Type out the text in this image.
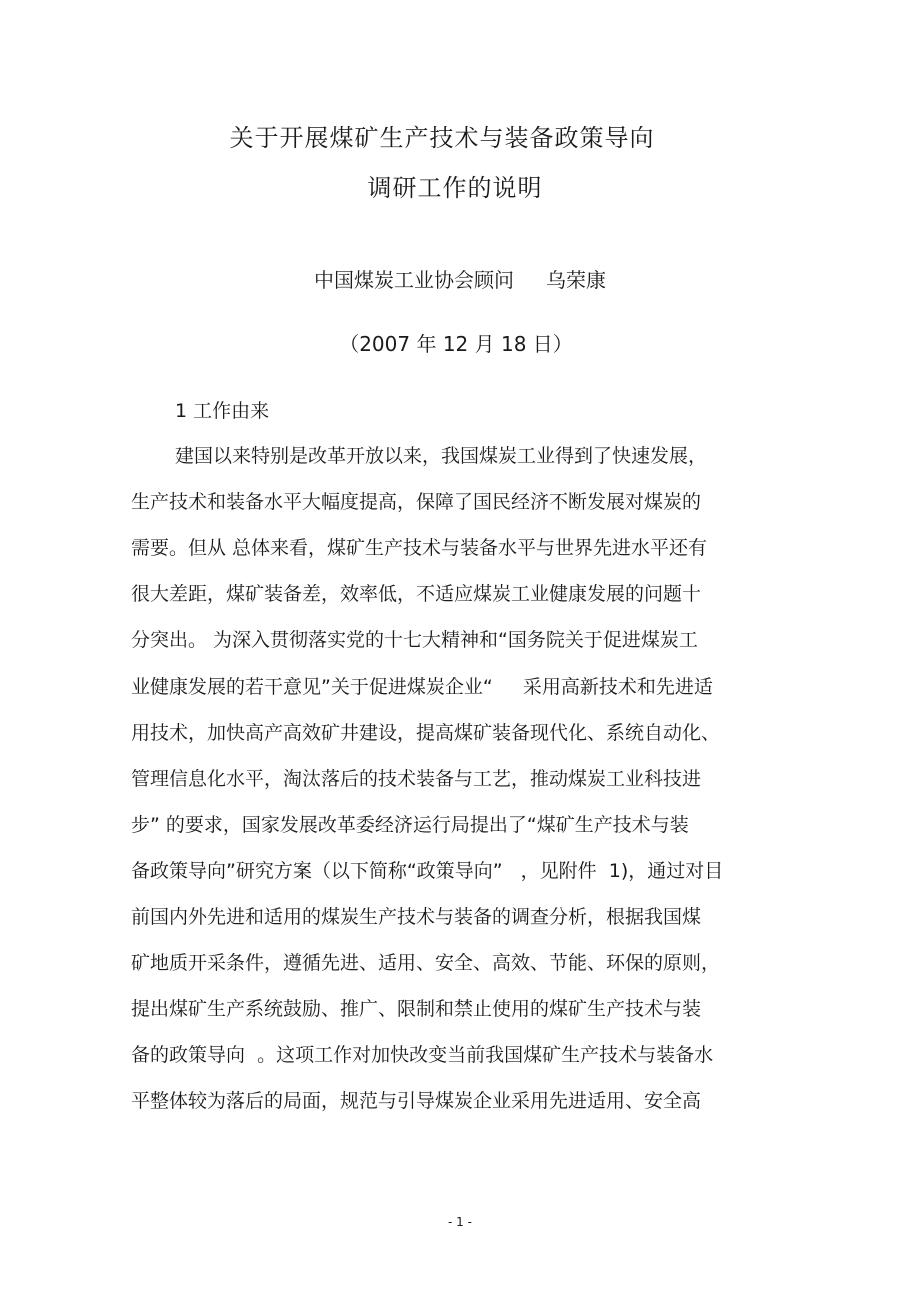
关于开展煤矿生产技术与装备政策导向
调研工作的说明
中国煤炭工业协会顾问 乌荣康
（2007 年 12 月 18 日）
1 工作由来
建国以来特别是改革开放以来，我国煤炭工业得到了快速发展，
生产技术和装备水平大幅度提高，保障了国民经济不断发展对煤炭的
需要。但从 总体来看，煤矿生产技术与装备水平与世界先进水平还有
很大差距，煤矿装备差，效率低，不适应煤炭工业健康发展的问题十
分突出。 为深入贯彻落实党的十七大精神和“国务院关于促进煤炭工
业健康发展的若干意见”关于促进煤炭企业“     采用高新技术和先进适
用技术，加快高产高效矿井建设，提高煤矿装备现代化、系统自动化、
管理信息化水平，淘汰落后的技术装备与工艺，推动煤炭工业科技进
步” 的要求，国家发展改革委经济运行局提出了“煤矿生产技术与装
备政策导向”研究方案（以下简称“政策导向”   ，见附件  1)，通过对目
前国内外先进和适用的煤炭生产技术与装备的调查分析，根据我国煤
矿地质开采条件，遵循先进、适用、安全、高效、节能、环保的原则，
提出煤矿生产系统鼓励、推广、限制和禁止使用的煤矿生产技术与装
备的政策导向  。这项工作对加快改变当前我国煤矿生产技术与装备水
平整体较为落后的局面，规范与引导煤炭企业采用先进适用、安全高
- 1 -
